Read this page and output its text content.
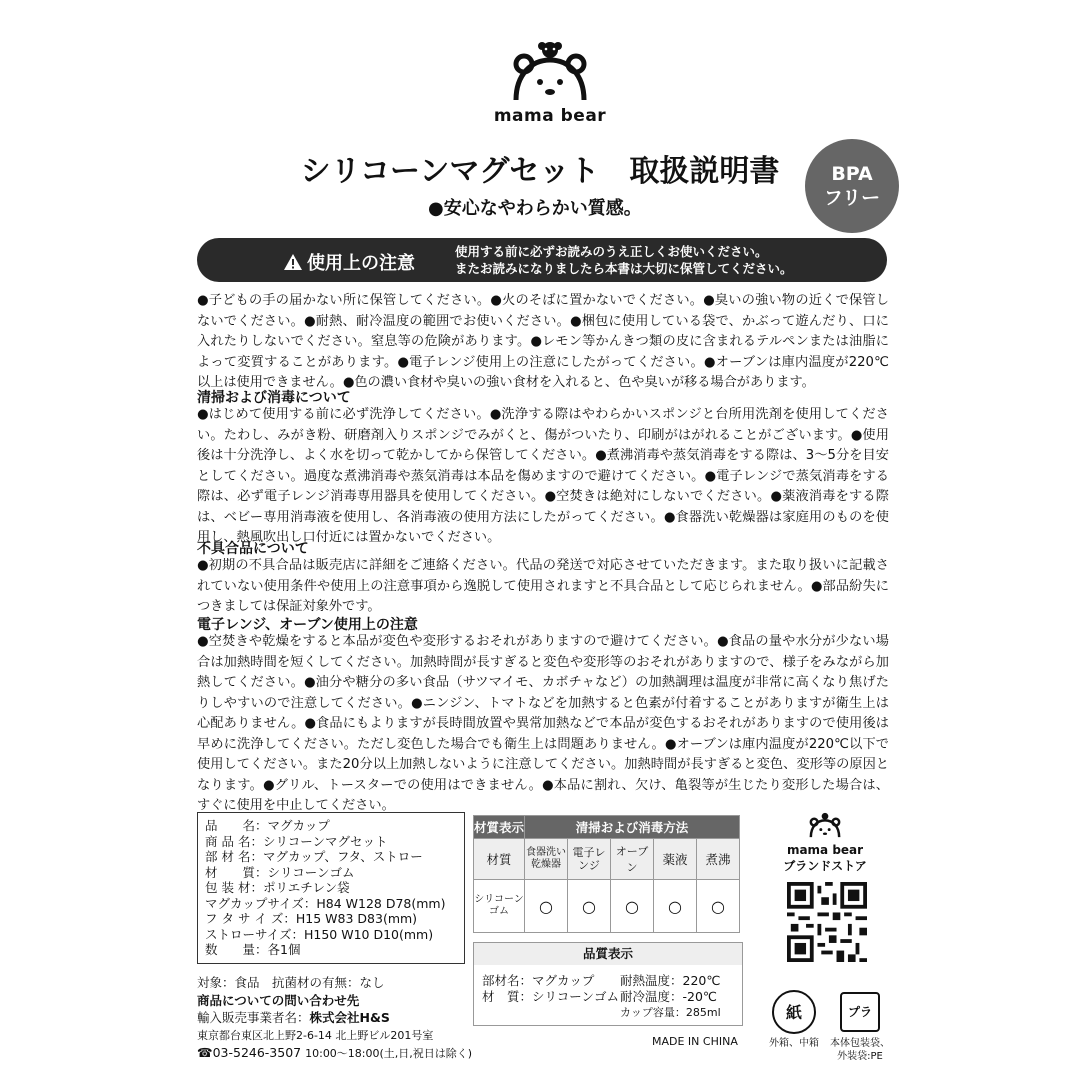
mama bear
シリコーンマグセット　取扱説明書	BPA
フリー
●安心なやわらかい質感。
使用上の注意
使用する前に必ずお読みのうえ正しくお使いください。
またお読みになりましたら本書は大切に保管してください。
●子どもの手の届かない所に保管してください。●火のそばに置かないでください。●臭いの強い物の近くで保管しないでください。●耐熱、耐冷温度の範囲でお使いください。●梱包に使用している袋で、かぶって遊んだり、口に入れたりしないでください。窒息等の危険があります。●レモン等かんきつ類の皮に含まれるテルペンまたは油脂によって変質することがあります。●電子レンジ使用上の注意にしたがってください。●オーブンは庫内温度が220℃以上は使用できません。●色の濃い食材や臭いの強い食材を入れると、色や臭いが移る場合があります。
清掃および消毒について
●はじめて使用する前に必ず洗浄してください。●洗浄する際はやわらかいスポンジと台所用洗剤を使用してください。たわし、みがき粉、研磨剤入りスポンジでみがくと、傷がついたり、印刷がはがれることがございます。●使用後は十分洗浄し、よく水を切って乾かしてから保管してください。●煮沸消毒や蒸気消毒をする際は、3～5分を目安としてください。過度な煮沸消毒や蒸気消毒は本品を傷めますので避けてください。●電子レンジで蒸気消毒をする際は、必ず電子レンジ消毒専用器具を使用してください。●空焚きは絶対にしないでください。●薬液消毒をする際は、ベビー専用消毒液を使用し、各消毒液の使用方法にしたがってください。●食器洗い乾燥器は家庭用のものを使用し、熱風吹出し口付近には置かないでください。
不具合品について
●初期の不具合品は販売店に詳細をご連絡ください。代品の発送で対応させていただきます。また取り扱いに記載されていない使用条件や使用上の注意事項から逸脱して使用されますと不具合品として応じられません。●部品紛失につきましては保証対象外です。
電子レンジ、オーブン使用上の注意
●空焚きや乾燥をすると本品が変色や変形するおそれがありますので避けてください。●食品の量や水分が少ない場合は加熱時間を短くしてください。加熱時間が長すぎると変色や変形等のおそれがありますので、様子をみながら加熱してください。●油分や糖分の多い食品（サツマイモ、カボチャなど）の加熱調理は温度が非常に高くなり焦げたりしやすいので注意してください。●ニンジン、トマトなどを加熱すると色素が付着することがありますが衛生上は心配ありません。●食品にもよりますが長時間放置や異常加熱などで本品が変色するおそれがありますので使用後は早めに洗浄してください。ただし変色した場合でも衛生上は問題ありません。●オーブンは庫内温度が220℃以下で使用してください。また20分以上加熱しないように注意してください。加熱時間が長すぎると変色、変形等の原因となります。●グリル、トースターでの使用はできません。●本品に割れ、欠け、亀裂等が生じたり変形した場合は、すぐに使用を中止してください。
品　　名：マグカップ
商 品 名：シリコーンマグセット
部 材 名：マグカップ、フタ、ストロー
材　　質：シリコーンゴム
包 装 材：ポリエチレン袋
マグカップサイズ：H84 W128 D78(mm)
フ タ サ イ ズ：H15 W83 D83(mm)
ストローサイズ：H150 W10 D10(mm)
数　　量：各1個
対象：食品　抗菌材の有無：なし
商品についての問い合わせ先
輸入販売事業者名：株式会社H&S
東京都台東区北上野2-6-14 北上野ビル201号室
☎03-5246-3507 10:00～18:00(土,日,祝日は除く)
材質表示	清掃および消毒方法				
材質	食器洗い乾燥器	電子レンジ	オーブン	薬液	煮沸
シリコーンゴム	○	○	○	○	○
品質表示
部材名：マグカップ
材　質：シリコーンゴム
耐熱温度：220℃
耐冷温度：-20℃
カップ容量：285ml
MADE IN CHINA
mama bear
ブランドストア
紙
外箱、中箱
プラ
本体包装袋、
外装袋:PE
